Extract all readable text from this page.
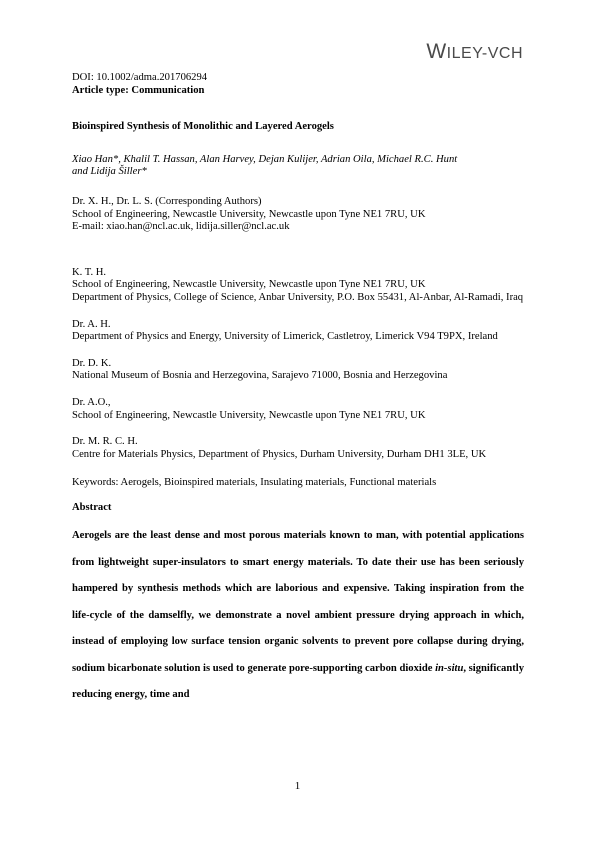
WILEY-VCH

DOI: 10.1002/adma.201706294

Article type: Communication

Bioinspired Synthesis of Monolithic and Layered Aerogels

Xiao Han*, Khalil T. Hassan, Alan Harvey, Dejan Kulijer, Adrian Oila, Michael R.C. Hunt
and Lidija Šiller*

Dr. X. H., Dr. L. S. (Corresponding Authors)

School of Engineering, Newcastle University, Newcastle upon Tyne NE1 7RU, UK

E-mail: xiao.han@ncl.ac.uk, lidija.siller@ncl.ac.uk

K. T. H.

School of Engineering, Newcastle University, Newcastle upon Tyne NE1 7RU, UK

Department of Physics, College of Science, Anbar University, P.O. Box 55431, Al-Anbar, Al-Ramadi, Iraq

Dr. A. H.

Department of Physics and Energy, University of Limerick, Castletroy, Limerick V94 T9PX, Ireland

Dr. D. K.

National Museum of Bosnia and Herzegovina, Sarajevo 71000, Bosnia and Herzegovina

Dr. A.O.,

School of Engineering, Newcastle University, Newcastle upon Tyne NE1 7RU, UK

Dr. M. R. C. H.

Centre for Materials Physics, Department of Physics, Durham University, Durham DH1 3LE, UK

Keywords: Aerogels, Bioinspired materials, Insulating materials, Functional materials

Abstract

Aerogels are the least dense and most porous materials known to man, with potential applications from lightweight super-insulators to smart energy materials. To date their use has been seriously hampered by synthesis methods which are laborious and expensive. Taking inspiration from the life-cycle of the damselfly, we demonstrate a novel ambient pressure drying approach in which, instead of employing low surface tension organic solvents to prevent pore collapse during drying, sodium bicarbonate solution is used to generate pore-supporting carbon dioxide in-situ, significantly reducing energy, time and

1
